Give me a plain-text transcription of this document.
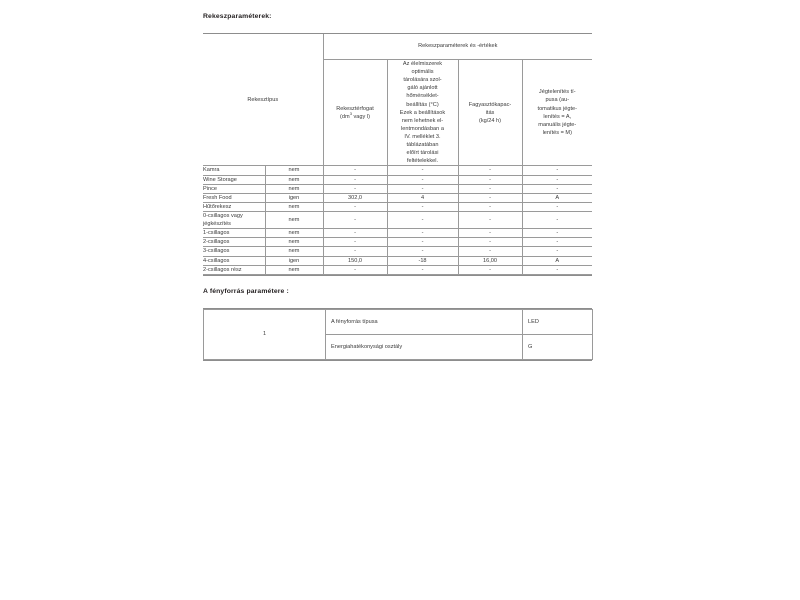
Rekeszparaméterek:
Rekesztípus		Rekeszparaméterek és -értékek			

Rekesztérfogat
($dm^3$ vagy l)

Az élelmiszerek
optimális
tárolására szol-
gáló ajánlott
hőmérséklet-
beállítás (°C)
Ezek a beállítások
nem lehetnek el-
lentmondásban a
IV. melléklet 3.
táblázatában
előírt tárolási
feltételekkel.

Fagyasztókapac-
itás
(kg/24 h)

Jégtelenítés tí-
pusa (au-
tomatikus jégte-
lenítés = A,
manuális jégte-
lenítés = M)

Kamra	nem	-	-	-	-
Wine Storage	nem	-	-	-	-
Pince	nem	-	-	-	-
Fresh Food	igen	302,0	4	-	A
Hűtőrekesz	nem	-	-	-	-
0-csillagos vagy jégkészítés	nem	-	-	-	-
1-csillagos	nem	-	-	-	-
2-csillagos	nem	-	-	-	-
3-csillagos	nem	-	-	-	-
4-csillagos	igen	150,0	-18	16,00	A
2-csillagos rész	nem	-	-	-	-
A fényforrás paramétere :
1	A fényforrás típusa	LED
	Energiahatékonysági osztály	G
